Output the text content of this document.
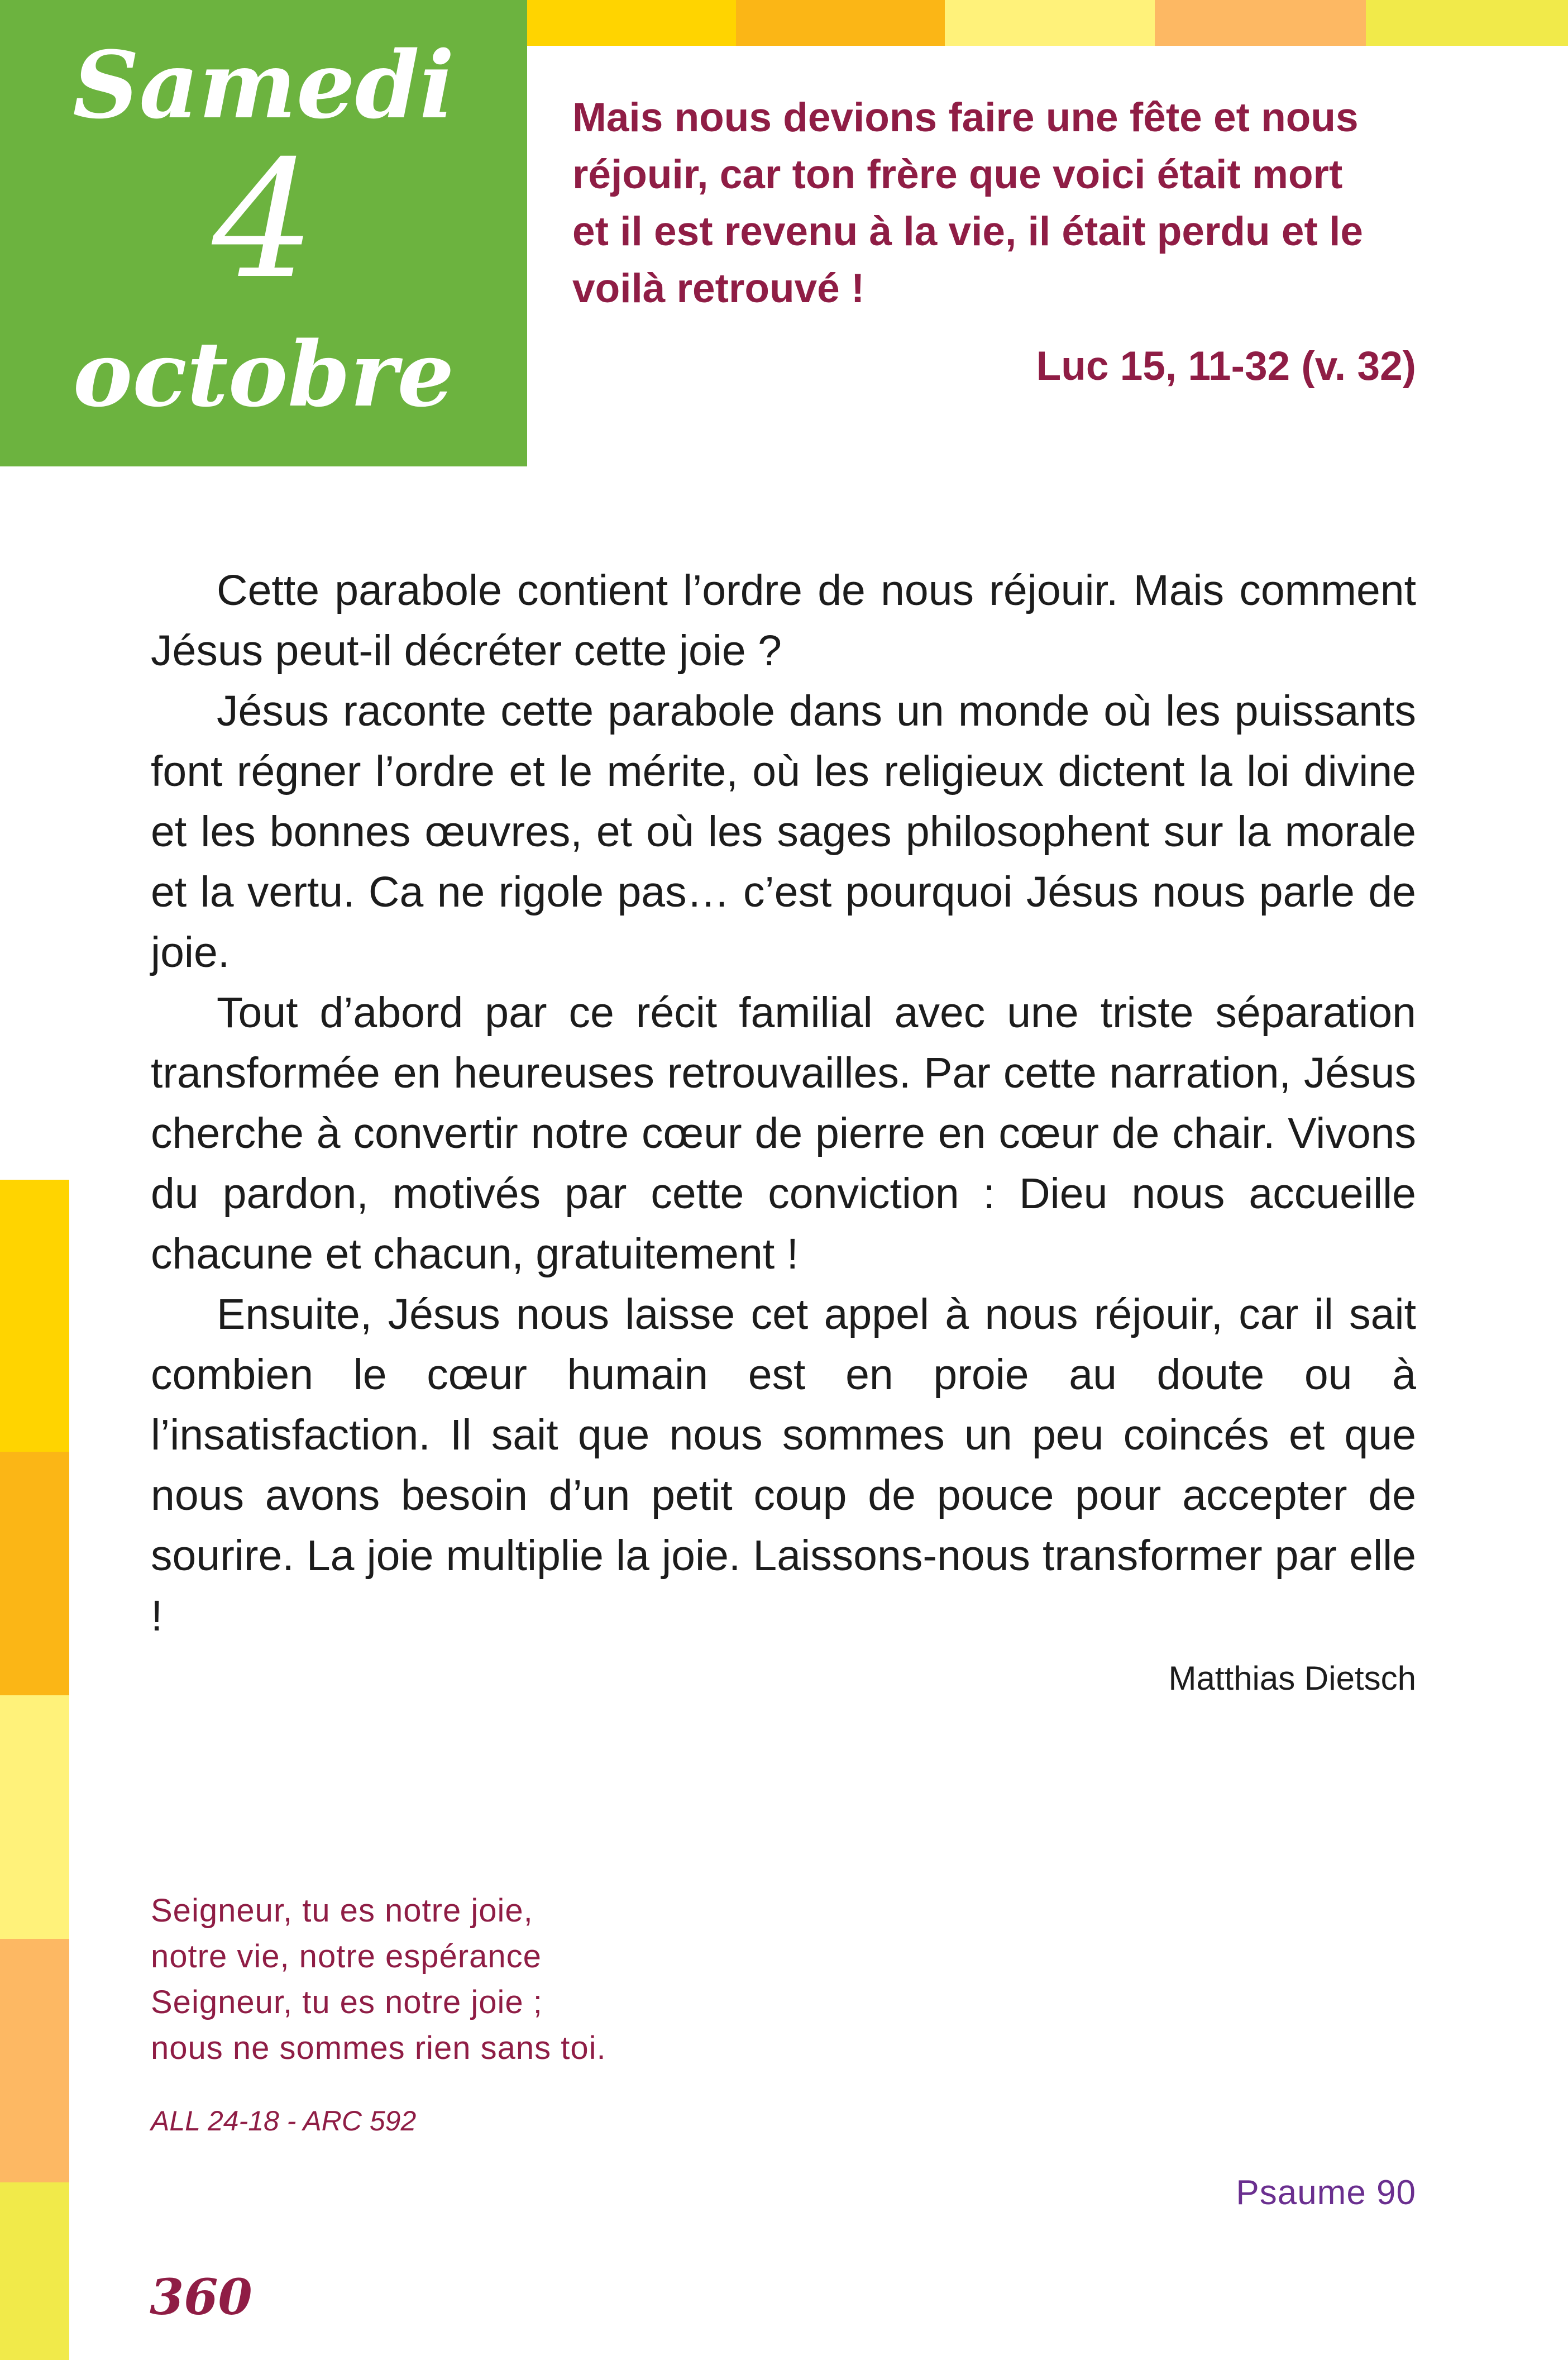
Samedi
4
octobre
Mais nous devions faire une fête et nous
réjouir, car ton frère que voici était mort
et il est revenu à la vie, il était perdu et le
voilà retrouvé !
Luc 15, 11-32 (v. 32)

Cette parabole contient l’ordre de nous réjouir. Mais comment Jésus peut-il décréter cette joie ?

Jésus raconte cette parabole dans un monde où les puissants font régner l’ordre et le mérite, où les religieux dictent la loi divine et les bonnes œuvres, et où les sages philosophent sur la morale et la vertu. Ca ne rigole pas… c’est pourquoi Jésus nous parle de joie.

Tout d’abord par ce récit familial avec une triste séparation transformée en heureuses retrouvailles. Par cette narration, Jésus cherche à convertir notre cœur de pierre en cœur de chair. Vivons du pardon, motivés par cette conviction : Dieu nous accueille chacune et chacun, gratuitement !

Ensuite, Jésus nous laisse cet appel à nous réjouir, car il sait combien le cœur humain est en proie au doute ou à l’insatisfaction. Il sait que nous sommes un peu coincés et que nous avons besoin d’un petit coup de pouce pour accepter de sourire. La joie multiplie la joie. Laissons-nous transformer par elle !

Matthias Dietsch
Seigneur, tu es notre joie,
notre vie, notre espérance
Seigneur, tu es notre joie ;
nous ne sommes rien sans toi.
ALL 24-18 - ARC 592
Psaume 90
360
